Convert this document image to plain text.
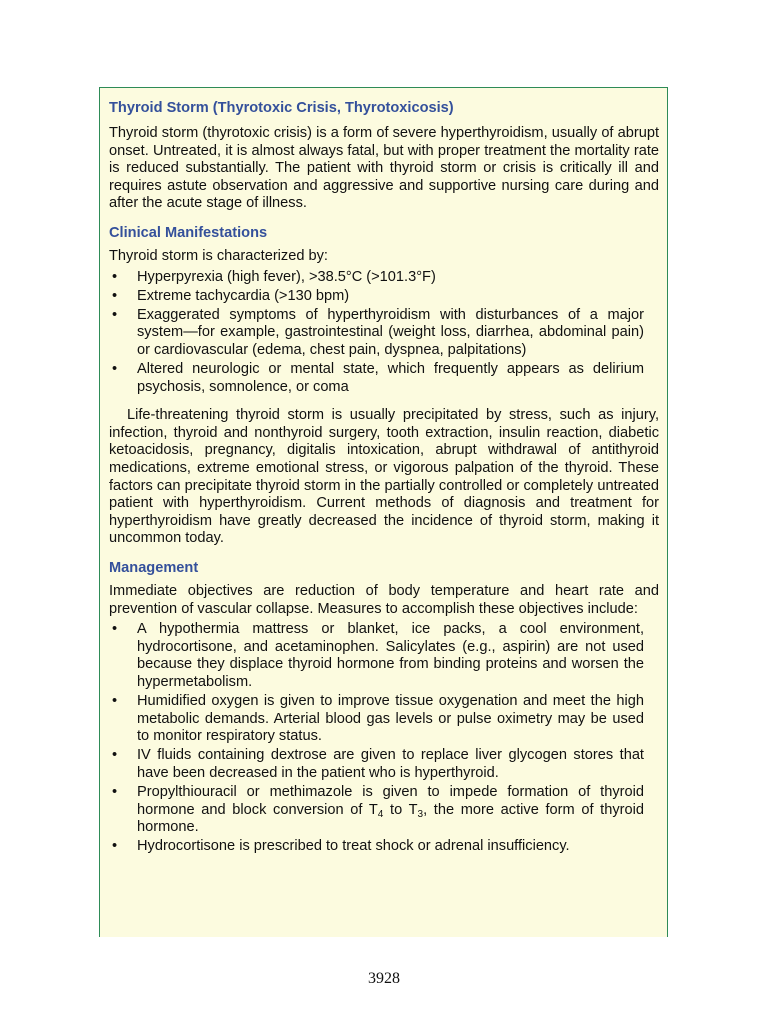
Thyroid Storm (Thyrotoxic Crisis, Thyrotoxicosis)

Thyroid storm (thyrotoxic crisis) is a form of severe hyperthyroidism, usually of abrupt onset. Untreated, it is almost always fatal, but with proper treatment the mortality rate is reduced substantially. The patient with thyroid storm or crisis is critically ill and requires astute observation and aggressive and supportive nursing care during and after the acute stage of illness.

Clinical Manifestations

Thyroid storm is characterized by:

• Hyperpyrexia (high fever), >38.5°C (>101.3°F)
• Extreme tachycardia (>130 bpm)
• Exaggerated symptoms of hyperthyroidism with disturbances of a major system—for example, gastrointestinal (weight loss, diarrhea, abdominal pain) or cardiovascular (edema, chest pain, dyspnea, palpitations)
• Altered neurologic or mental state, which frequently appears as delirium psychosis, somnolence, or coma

Life-threatening thyroid storm is usually precipitated by stress, such as injury, infection, thyroid and nonthyroid surgery, tooth extraction, insulin reaction, diabetic ketoacidosis, pregnancy, digitalis intoxication, abrupt withdrawal of antithyroid medications, extreme emotional stress, or vigorous palpation of the thyroid. These factors can precipitate thyroid storm in the partially controlled or completely untreated patient with hyperthyroidism. Current methods of diagnosis and treatment for hyperthyroidism have greatly decreased the incidence of thyroid storm, making it uncommon today.

Management

Immediate objectives are reduction of body temperature and heart rate and prevention of vascular collapse. Measures to accomplish these objectives include:

• A hypothermia mattress or blanket, ice packs, a cool environment, hydrocortisone, and acetaminophen. Salicylates (e.g., aspirin) are not used because they displace thyroid hormone from binding proteins and worsen the hypermetabolism.
• Humidified oxygen is given to improve tissue oxygenation and meet the high metabolic demands. Arterial blood gas levels or pulse oximetry may be used to monitor respiratory status.
• IV fluids containing dextrose are given to replace liver glycogen stores that have been decreased in the patient who is hyperthyroid.
• Propylthiouracil or methimazole is given to impede formation of thyroid hormone and block conversion of $T_4$ to $T_3$, the more active form of thyroid hormone.
• Hydrocortisone is prescribed to treat shock or adrenal insufficiency.
3928
